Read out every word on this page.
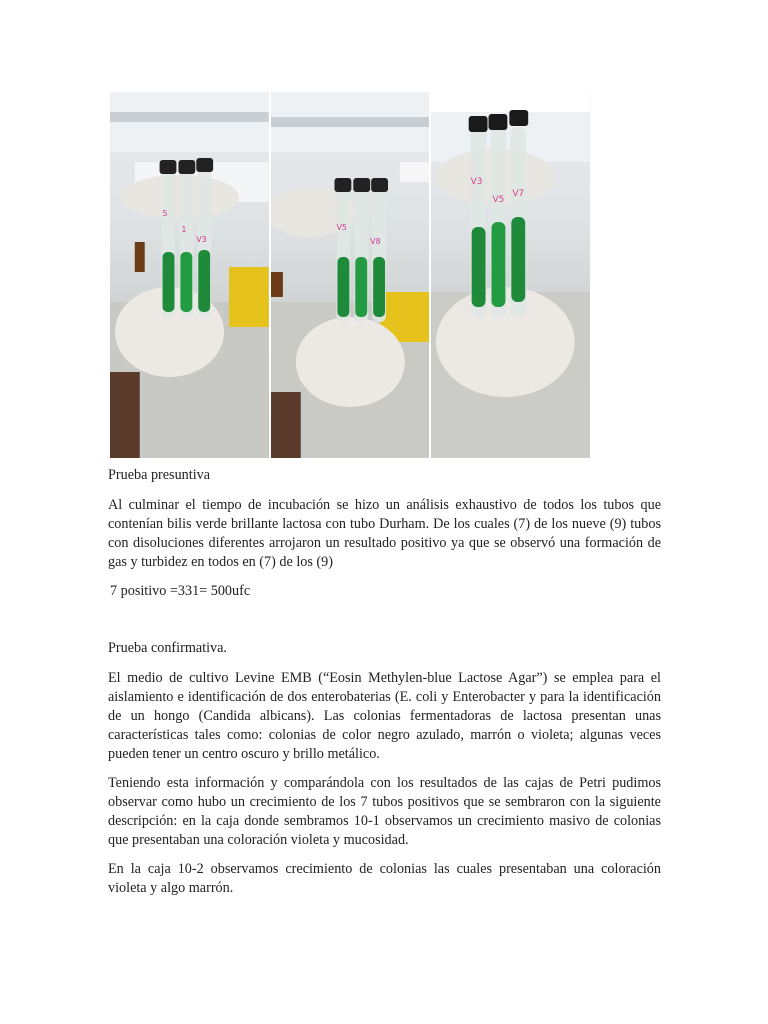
5
1
V3
V5
V8
V3
V5
V7

Prueba presuntiva

Al culminar el tiempo de incubación se hizo un análisis exhaustivo de todos los tubos que contenían bilis verde brillante lactosa con tubo Durham. De los cuales (7) de los nueve (9) tubos con disoluciones diferentes arrojaron un resultado positivo ya que se observó una formación de gas y turbidez en todos en (7) de los (9)

7 positivo =331= 500ufc

Prueba confirmativa.

El medio de cultivo Levine EMB (“Eosin Methylen-blue Lactose Agar”) se emplea para el aislamiento e identificación de dos enterobaterias (E. coli y Enterobacter y para la identificación de un hongo (Candida albicans). Las colonias fermentadoras de lactosa presentan unas características tales como: colonias de color negro azulado, marrón o violeta; algunas veces pueden tener un centro oscuro y brillo metálico.

Teniendo esta información y comparándola con los resultados de las cajas de Petri pudimos observar como hubo un crecimiento de los 7 tubos positivos que se sembraron con la siguiente descripción: en la caja donde sembramos 10-1 observamos un crecimiento masivo de colonias que presentaban una coloración violeta y mucosidad.

En la caja 10-2 observamos crecimiento de colonias las cuales presentaban una coloración violeta y algo marrón.
